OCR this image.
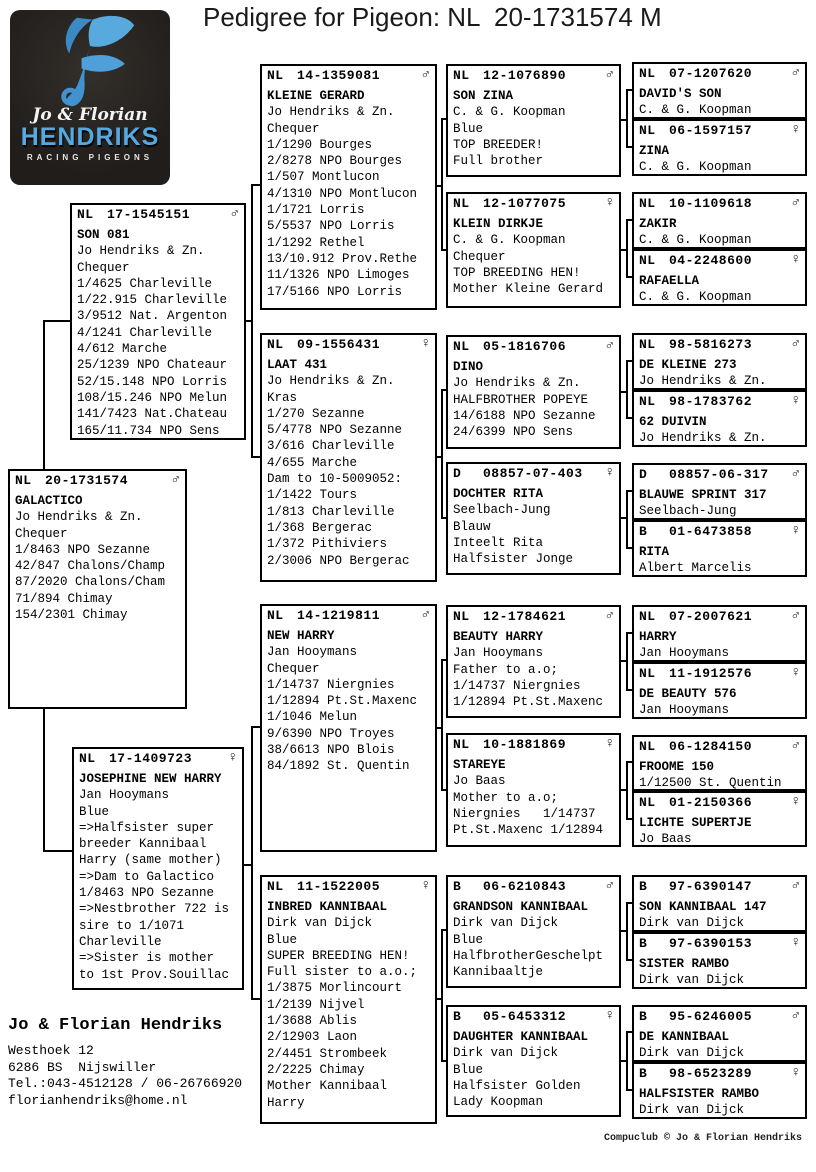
Pedigree for Pigeon: NL  20-1731574 M
Jo & Florian
HENDRIKS
RACING PIGEONS
♂
NL 20-1731574
GALACTICO
Jo Hendriks & Zn.
Chequer
1/8463 NPO Sezanne
42/847 Chalons/Champ
87/2020 Chalons/Cham
71/894 Chimay
154/2301 Chimay
♂
NL 17-1545151
SON 081
Jo Hendriks & Zn.
Chequer
1/4625 Charleville
1/22.915 Charleville
3/9512 Nat. Argenton
4/1241 Charleville
4/612 Marche
25/1239 NPO Chateaur
52/15.148 NPO Lorris
108/15.246 NPO Melun
141/7423 Nat.Chateau
165/11.734 NPO Sens
♀
NL 17-1409723
JOSEPHINE NEW HARRY
Jan Hooymans
Blue
=>Halfsister super
breeder Kannibaal
Harry (same mother)
=>Dam to Galactico
1/8463 NPO Sezanne
=>Nestbrother 722 is
sire to 1/1071
Charleville
=>Sister is mother
to 1st Prov.Souillac
♂
NL 14-1359081
KLEINE GERARD
Jo Hendriks & Zn.
Chequer
1/1290 Bourges
2/8278 NPO Bourges
1/507 Montlucon
4/1310 NPO Montlucon
1/1721 Lorris
5/5537 NPO Lorris
1/1292 Rethel
13/10.912 Prov.Rethe
11/1326 NPO Limoges
17/5166 NPO Lorris
♀
NL 09-1556431
LAAT 431
Jo Hendriks & Zn.
Kras
1/270 Sezanne
5/4778 NPO Sezanne
3/616 Charleville
4/655 Marche
Dam to 10-5009052:
1/1422 Tours
1/813 Charleville
1/368 Bergerac
1/372 Pithiviers
2/3006 NPO Bergerac
♂
NL 14-1219811
NEW HARRY
Jan Hooymans
Chequer
1/14737 Niergnies
1/12894 Pt.St.Maxenc
1/1046 Melun
9/6390 NPO Troyes
38/6613 NPO Blois
84/1892 St. Quentin
♀
NL 11-1522005
INBRED KANNIBAAL
Dirk van Dijck
Blue
SUPER BREEDING HEN!
Full sister to a.o.;
1/3875 Morlincourt
1/2139 Nijvel
1/3688 Ablis
2/12903 Laon
2/4451 Strombeek
2/2225 Chimay
Mother Kannibaal
Harry
♂
NL 12-1076890
SON ZINA
C. & G. Koopman
Blue
TOP BREEDER!
Full brother
♀
NL 12-1077075
KLEIN DIRKJE
C. & G. Koopman
Chequer
TOP BREEDING HEN!
Mother Kleine Gerard
♂
NL 05-1816706
DINO
Jo Hendriks & Zn.
HALFBROTHER POPEYE
14/6188 NPO Sezanne
24/6399 NPO Sens
♀
D 08857-07-403
DOCHTER RITA
Seelbach-Jung
Blauw
Inteelt Rita
Halfsister Jonge
♂
NL 12-1784621
BEAUTY HARRY
Jan Hooymans
Father to a.o;
1/14737 Niergnies
1/12894 Pt.St.Maxenc
♀
NL 10-1881869
STAREYE
Jo Baas
Mother to a.o;
Niergnies   1/14737
Pt.St.Maxenc 1/12894
♂
B 06-6210843
GRANDSON KANNIBAAL
Dirk van Dijck
Blue
HalfbrotherGeschelpt
Kannibaaltje
♀
B 05-6453312
DAUGHTER KANNIBAAL
Dirk van Dijck
Blue
Halfsister Golden
Lady Koopman
♂
NL 07-1207620
DAVID'S SON
C. & G. Koopman
♀
NL 06-1597157
ZINA
C. & G. Koopman
♂
NL 10-1109618
ZAKIR
C. & G. Koopman
♀
NL 04-2248600
RAFAELLA
C. & G. Koopman
♂
NL 98-5816273
DE KLEINE 273
Jo Hendriks & Zn.
♀
NL 98-1783762
62 DUIVIN
Jo Hendriks & Zn.
♂
D 08857-06-317
BLAUWE SPRINT 317
Seelbach-Jung
♀
B 01-6473858
RITA
Albert Marcelis
♂
NL 07-2007621
HARRY
Jan Hooymans
♀
NL 11-1912576
DE BEAUTY 576
Jan Hooymans
♂
NL 06-1284150
FROOME 150
1/12500 St. Quentin
♀
NL 01-2150366
LICHTE SUPERTJE
Jo Baas
♂
B 97-6390147
SON KANNIBAAL 147
Dirk van Dijck
♀
B 97-6390153
SISTER RAMBO
Dirk van Dijck
♂
B 95-6246005
DE KANNIBAAL
Dirk van Dijck
♀
B 98-6523289
HALFSISTER RAMBO
Dirk van Dijck
Jo & Florian Hendriks
Westhoek 12
6286 BS  Nijswiller
Tel.:043-4512128 / 06-26766920
florianhendriks@home.nl
Compuclub © Jo & Florian Hendriks
